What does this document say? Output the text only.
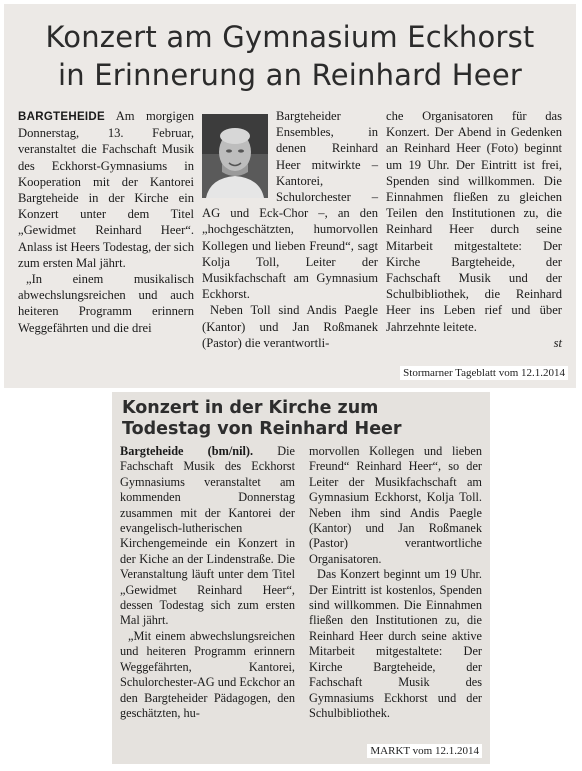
Konzert am Gymnasium Eckhorst
in Erinnerung an Reinhard Heer

BARGTEHEIDE Am morgigen Donnerstag, 13. Februar, veranstaltet die Fachschaft Musik des Eckhorst-Gymnasiums in Kooperation mit der Kantorei Bargteheide in der Kirche ein Konzert unter dem Titel „Gewidmet Reinhard Heer“. Anlass ist Heers Todestag, der sich zum ersten Mal jährt.

„In einem musikalisch abwechslungsreichen und auch heiteren Programm erinnern Weggefährten und die drei

Bargteheider Ensembles, in denen Reinhard Heer mitwirkte – Kantorei, Schulorchester – AG und Eck-Chor –, an den „hochgeschätzten, humorvollen Kollegen und lieben Freund“, sagt Kolja Toll, Leiter der Musikfachschaft am Gymnasium Eckhorst.

Neben Toll sind Andis Paegle (Kantor) und Jan Roßmanek (Pastor) die verantwortli-

che Organisatoren für das Konzert. Der Abend in Gedenken an Reinhard Heer (Foto) beginnt um 19 Uhr. Der Eintritt ist frei, Spenden sind willkommen. Die Einnahmen fließen zu gleichen Teilen den Institutionen zu, die Reinhard Heer durch seine Mitarbeit mitgestaltete: Der Kirche Bargteheide, der Fachschaft Musik und der Schulbibliothek, die Reinhard Heer ins Leben rief und über Jahrzehnte leitete.

st
Stormarner Tageblatt vom 12.1.2014
Konzert in der Kirche zum
Todestag von Reinhard Heer

Bargteheide (bm/nil). Die Fachschaft Musik des Eckhorst Gymnasiums veranstaltet am kommenden Donnerstag zusammen mit der Kantorei der evangelisch-lutherischen Kirchengemeinde ein Konzert in der Kiche an der Lindenstraße. Die Veranstaltung läuft unter dem Titel „Gewidmet Reinhard Heer“, dessen Todestag sich zum ersten Mal jährt.

„Mit einem abwechslungsreichen und heiteren Programm erinnern Weggefährten, Kantorei, Schulorchester-AG und Eckchor an den Bargteheider Pädagogen, den geschätzten, hu-

morvollen Kollegen und lieben Freund“ Reinhard Heer“, so der Leiter der Musikfachschaft am Gymnasium Eckhorst, Kolja Toll. Neben ihm sind Andis Paegle (Kantor) und Jan Roßmanek (Pastor) verantwortliche Organisatoren.

Das Konzert beginnt um 19 Uhr. Der Eintritt ist kostenlos, Spenden sind willkommen. Die Einnahmen fließen den Institutionen zu, die Reinhard Heer durch seine aktive Mitarbeit mitgestaltete: Der Kirche Bargteheide, der Fachschaft Musik des Gymnasiums Eckhorst und der Schulbibliothek.

MARKT vom 12.1.2014
